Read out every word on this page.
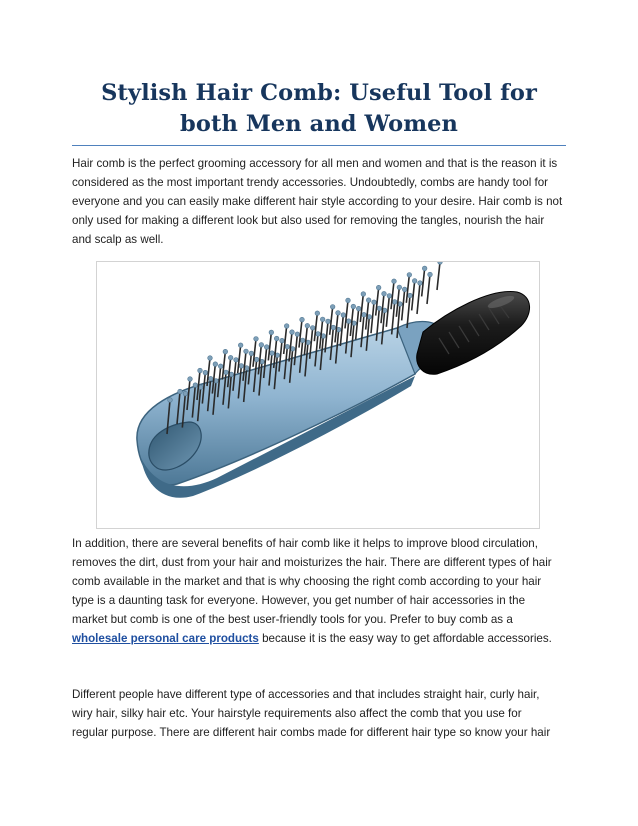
Stylish Hair Comb: Useful Tool for both Men and Women

Hair comb is the perfect grooming accessory for all men and women and that is the reason it is
considered as the most important trendy accessories. Undoubtedly, combs are handy tool for
everyone and you can easily make different hair style according to your desire. Hair comb is not
only used for making a different look but also used for removing the tangles, nourish the hair
and scalp as well.

In addition, there are several benefits of hair comb like it helps to improve blood circulation,
removes the dirt, dust from your hair and moisturizes the hair. There are different types of hair
comb available in the market and that is why choosing the right comb according to your hair
type is a daunting task for everyone. However, you get number of hair accessories in the
market but comb is one of the best user-friendly tools for you. Prefer to buy comb as a
wholesale personal care products because it is the easy way to get affordable accessories.

Different people have different type of accessories and that includes straight hair, curly hair,
wiry hair, silky hair etc. Your hairstyle requirements also affect the comb that you use for
regular purpose. There are different hair combs made for different hair type so know your hair
